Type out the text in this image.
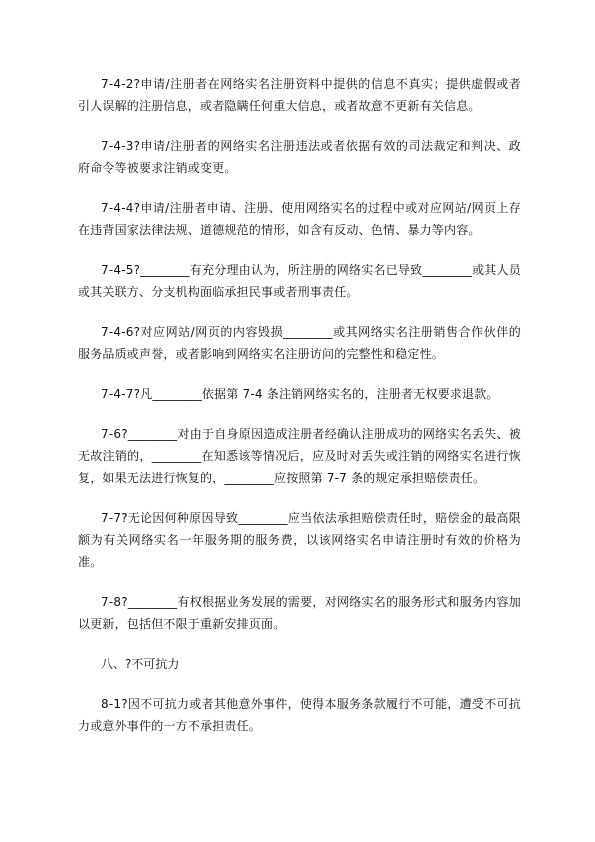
7-4-2?申请/注册者在网络实名注册资料中提供的信息不真实；提供虚假或者引人误解的注册信息，或者隐瞒任何重大信息，或者故意不更新有关信息。

7-4-3?申请/注册者的网络实名注册违法或者依据有效的司法裁定和判决、政府命令等被要求注销或变更。

7-4-4?申请/注册者申请、注册、使用网络实名的过程中或对应网站/网页上存在违背国家法律法规、道德规范的情形，如含有反动、色情、暴力等内容。

7-4-5?________有充分理由认为，所注册的网络实名已导致________或其人员或其关联方、分支机构面临承担民事或者刑事责任。

7-4-6?对应网站/网页的内容毁损________或其网络实名注册销售合作伙伴的服务品质或声誉，或者影响到网络实名注册访问的完整性和稳定性。

7-4-7?凡________依据第 7-4 条注销网络实名的，注册者无权要求退款。

7-6?________对由于自身原因造成注册者经确认注册成功的网络实名丢失、被无故注销的，________在知悉该等情况后，应及时对丢失或注销的网络实名进行恢复，如果无法进行恢复的，________应按照第 7-7 条的规定承担赔偿责任。

7-7?无论因何种原因导致________应当依法承担赔偿责任时，赔偿金的最高限额为有关网络实名一年服务期的服务费，以该网络实名申请注册时有效的价格为准。

7-8?________有权根据业务发展的需要，对网络实名的服务形式和服务内容加以更新，包括但不限于重新安排页面。

八、?不可抗力

8-1?因不可抗力或者其他意外事件，使得本服务条款履行不可能，遭受不可抗力或意外事件的一方不承担责任。
